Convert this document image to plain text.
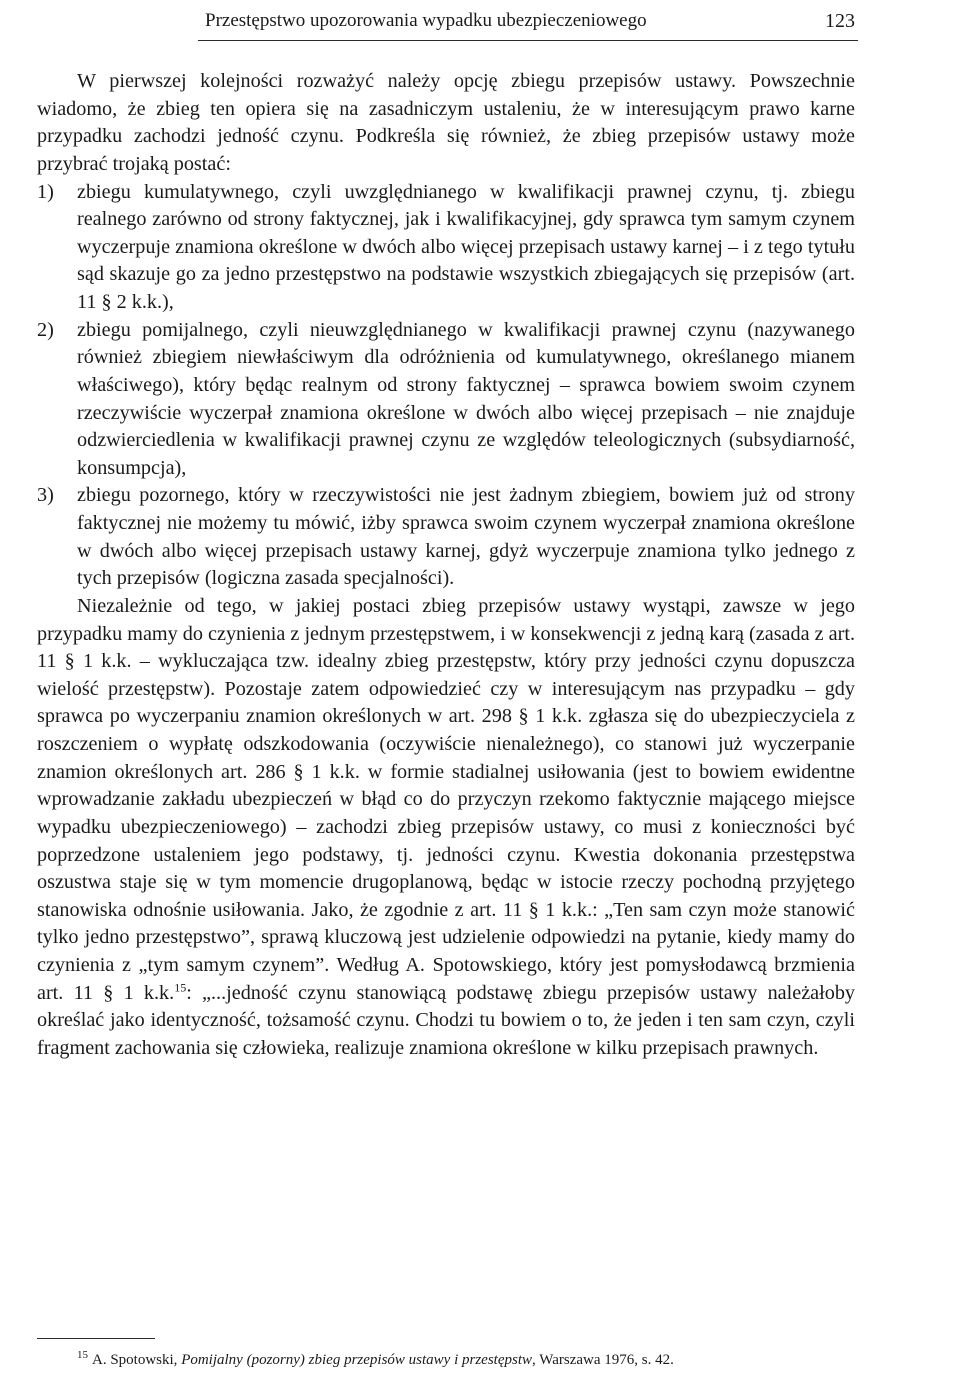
Przestępstwo upozorowania wypadku ubezpieczeniowego	123

W pierwszej kolejności rozważyć należy opcję zbiegu przepisów ustawy. Powszechnie wiadomo, że zbieg ten opiera się na zasadniczym ustaleniu, że w interesującym prawo karne przypadku zachodzi jedność czynu. Podkreśla się również, że zbieg przepisów ustawy może przybrać trojaką postać:

1) zbiegu kumulatywnego, czyli uwzględnianego w kwalifikacji prawnej czynu, tj. zbiegu realnego zarówno od strony faktycznej, jak i kwalifikacyjnej, gdy sprawca tym samym czynem wyczerpuje znamiona określone w dwóch albo więcej przepisach ustawy karnej – i z tego tytułu sąd skazuje go za jedno przestępstwo na podstawie wszystkich zbiegających się przepisów (art. 11 § 2 k.k.),

2) zbiegu pomijalnego, czyli nieuwzględnianego w kwalifikacji prawnej czynu (nazywanego również zbiegiem niewłaściwym dla odróżnienia od kumulatywnego, określanego mianem właściwego), który będąc realnym od strony faktycznej – sprawca bowiem swoim czynem rzeczywiście wyczerpał znamiona określone w dwóch albo więcej przepisach – nie znajduje odzwierciedlenia w kwalifikacji prawnej czynu ze względów teleologicznych (subsydiarność, konsumpcja),

3) zbiegu pozornego, który w rzeczywistości nie jest żadnym zbiegiem, bowiem już od strony faktycznej nie możemy tu mówić, iżby sprawca swoim czynem wyczerpał znamiona określone w dwóch albo więcej przepisach ustawy karnej, gdyż wyczerpuje znamiona tylko jednego z tych przepisów (logiczna zasada specjalności).

Niezależnie od tego, w jakiej postaci zbieg przepisów ustawy wystąpi, zawsze w jego przypadku mamy do czynienia z jednym przestępstwem, i w konsekwencji z jedną karą (zasada z art. 11 § 1 k.k. – wykluczająca tzw. idealny zbieg przestępstw, który przy jedności czynu dopuszcza wielość przestępstw). Pozostaje zatem odpowiedzieć czy w interesującym nas przypadku – gdy sprawca po wyczerpaniu znamion określonych w art. 298 § 1 k.k. zgłasza się do ubezpieczyciela z roszczeniem o wypłatę odszkodowania (oczywiście nienależnego), co stanowi już wyczerpanie znamion określonych art. 286 § 1 k.k. w formie stadialnej usiłowania (jest to bowiem ewidentne wprowadzanie zakładu ubezpieczeń w błąd co do przyczyn rzekomo faktycznie mającego miejsce wypadku ubezpieczeniowego) – zachodzi zbieg przepisów ustawy, co musi z konieczności być poprzedzone ustaleniem jego podstawy, tj. jedności czynu. Kwestia dokonania przestępstwa oszustwa staje się w tym momencie drugoplanową, będąc w istocie rzeczy pochodną przyjętego stanowiska odnośnie usiłowania. Jako, że zgodnie z art. 11 § 1 k.k.: „Ten sam czyn może stanowić tylko jedno przestępstwo”, sprawą kluczową jest udzielenie odpowiedzi na pytanie, kiedy mamy do czynienia z „tym samym czynem”. Według A. Spotowskiego, który jest pomysłodawcą brzmienia art. 11 § 1 k.k.$^{15}$: „...jedność czynu stanowiącą podstawę zbiegu przepisów ustawy należałoby określać jako identyczność, tożsamość czynu. Chodzi tu bowiem o to, że jeden i ten sam czyn, czyli fragment zachowania się człowieka, realizuje znamiona określone w kilku przepisach prawnych.

$^{15}$ A. Spotowski, Pomijalny (pozorny) zbieg przepisów ustawy i przestępstw, Warszawa 1976, s. 42.
